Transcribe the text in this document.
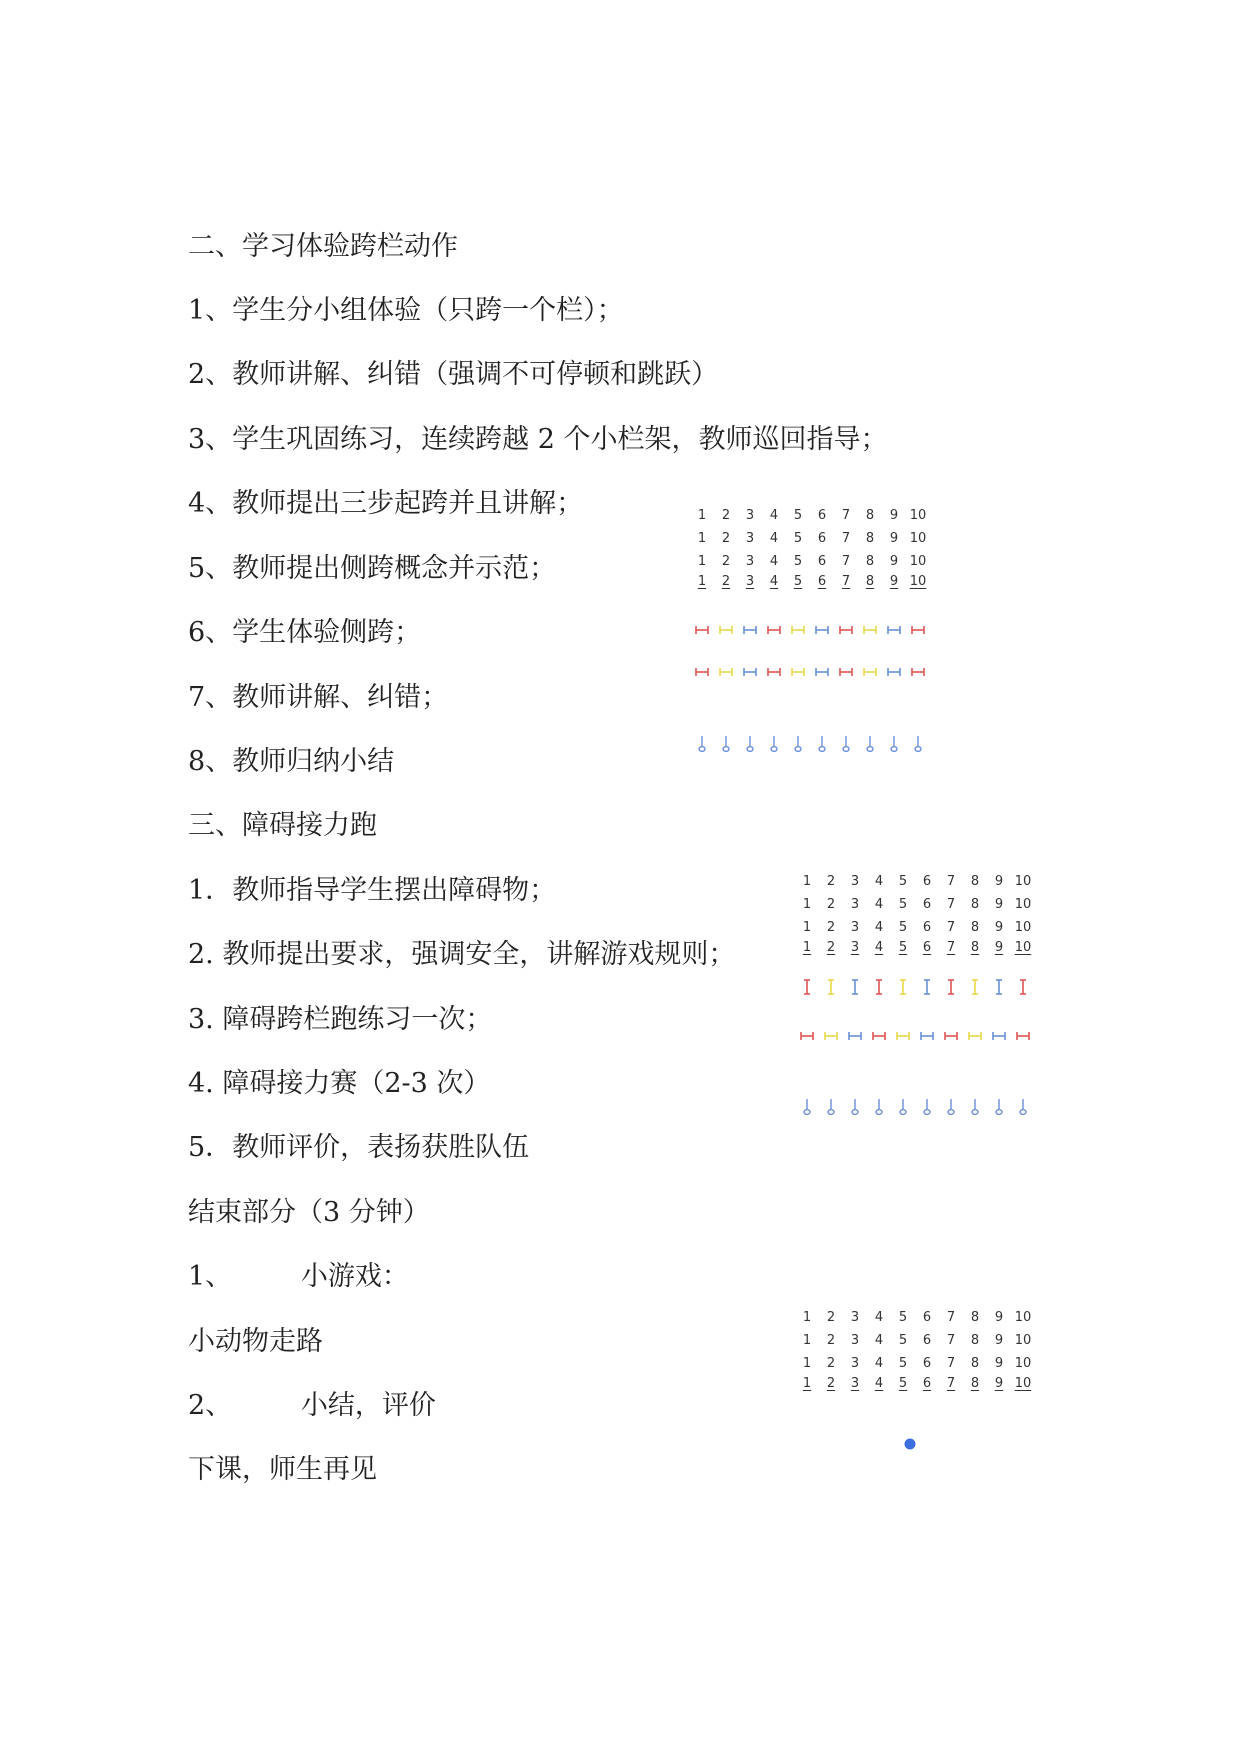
二、学习体验跨栏动作
1、学生分小组体验（只跨一个栏）；
2、教师讲解、纠错（强调不可停顿和跳跃）
3、学生巩固练习，连续跨越 2 个小栏架，教师巡回指导；
4、教师提出三步起跨并且讲解；
5、教师提出侧跨概念并示范；
6、学生体验侧跨；
7、教师讲解、纠错；
8、教师归纳小结
三、障碍接力跑
1．教师指导学生摆出障碍物；
2. 教师提出要求，强调安全，讲解游戏规则；
3. 障碍跨栏跑练习一次；
4. 障碍接力赛（2-3 次）
5．教师评价，表扬获胜队伍
结束部分（3 分钟）
1、        小游戏：
小动物走路
2、        小结，评价
下课，师生再见
1	2	3	4	5	6	7	8	9 10
1	2	3	4	5	6	7	8	9 10
1	2	3	4	5	6	7	8	9 10
1	2	3	4	5	6	7	8	9 10
1	2	3	4	5	6	7	8	9 10
1	2	3	4	5	6	7	8	9 10
1	2	3	4	5	6	7	8	9 10
1	2	3	4	5	6	7	8	9 10
1	2	3	4	5	6	7	8	9 10
1	2	3	4	5	6	7	8	9 10
1	2	3	4	5	6	7	8	9 10
1	2	3	4	5	6	7	8	9 10
